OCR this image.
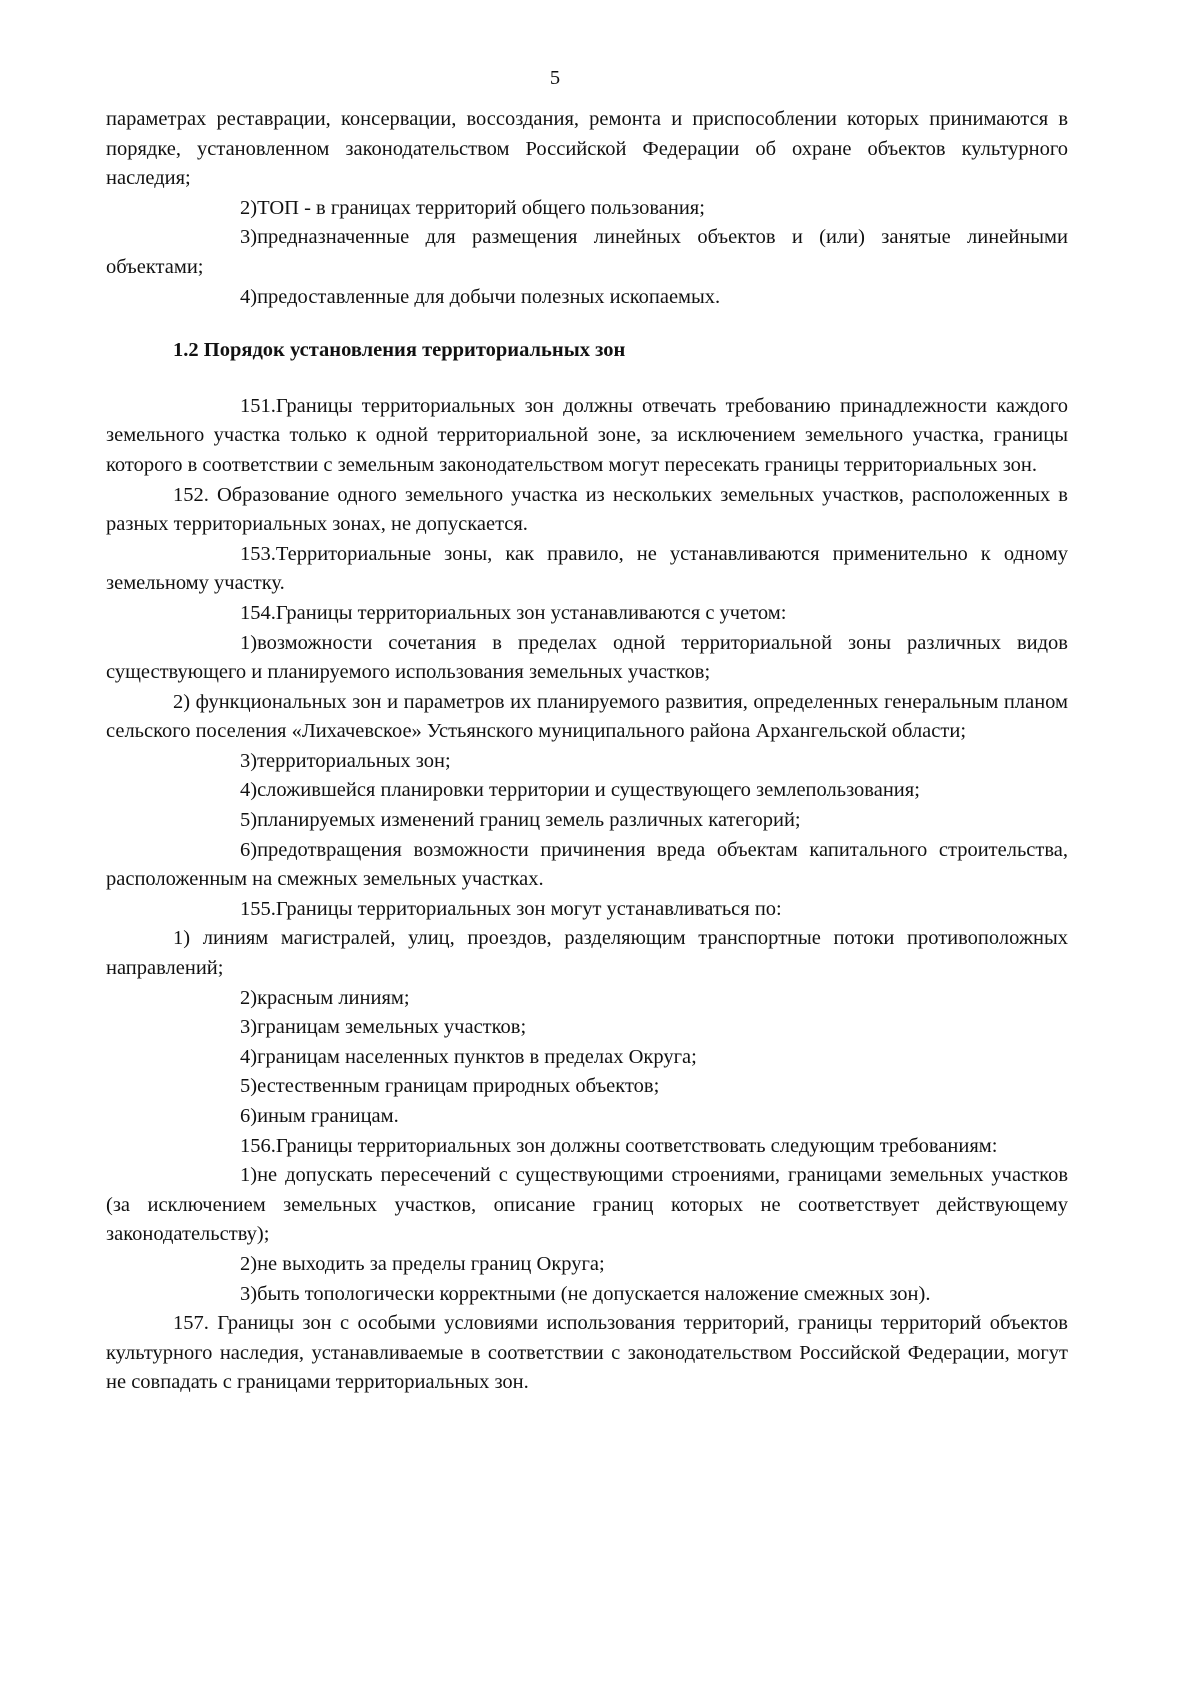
5

параметрах реставрации, консервации, воссоздания, ремонта и приспособлении которых принимаются в порядке, установленном законодательством Российской Федерации об охране объектов культурного наследия;

2)ТОП - в границах территорий общего пользования;

3)предназначенные для размещения линейных объектов и (или) занятые линейными объектами;

4)предоставленные для добычи полезных ископаемых.

1.2 Порядок установления территориальных зон

151.Границы территориальных зон должны отвечать требованию принадлежности каждого земельного участка только к одной территориальной зоне, за исключением земельного участка, границы которого в соответствии с земельным законодательством могут пересекать границы территориальных зон.

152. Образование одного земельного участка из нескольких земельных участков, расположенных в разных территориальных зонах, не допускается.

153.Территориальные зоны, как правило, не устанавливаются применительно к одному земельному участку.

154.Границы территориальных зон устанавливаются с учетом:

1)возможности сочетания в пределах одной территориальной зоны различных видов существующего и планируемого использования земельных участков;

2) функциональных зон и параметров их планируемого развития, определенных генеральным планом сельского поселения «Лихачевское» Устьянского муниципального района Архангельской области;

3)территориальных зон;

4)сложившейся планировки территории и существующего землепользования;

5)планируемых изменений границ земель различных категорий;

6)предотвращения возможности причинения вреда объектам капитального строительства, расположенным на смежных земельных участках.

155.Границы территориальных зон могут устанавливаться по:

1) линиям магистралей, улиц, проездов, разделяющим транспортные потоки противоположных направлений;

2)красным линиям;

3)границам земельных участков;

4)границам населенных пунктов в пределах Округа;

5)естественным границам природных объектов;

6)иным границам.

156.Границы территориальных зон должны соответствовать следующим требованиям:

1)не допускать пересечений с существующими строениями, границами земельных участков (за исключением земельных участков, описание границ которых не соответствует действующему законодательству);

2)не выходить за пределы границ Округа;

3)быть топологически корректными (не допускается наложение смежных зон).

157. Границы зон с особыми условиями использования территорий, границы территорий объектов культурного наследия, устанавливаемые в соответствии с законодательством Российской Федерации, могут не совпадать с границами территориальных зон.
